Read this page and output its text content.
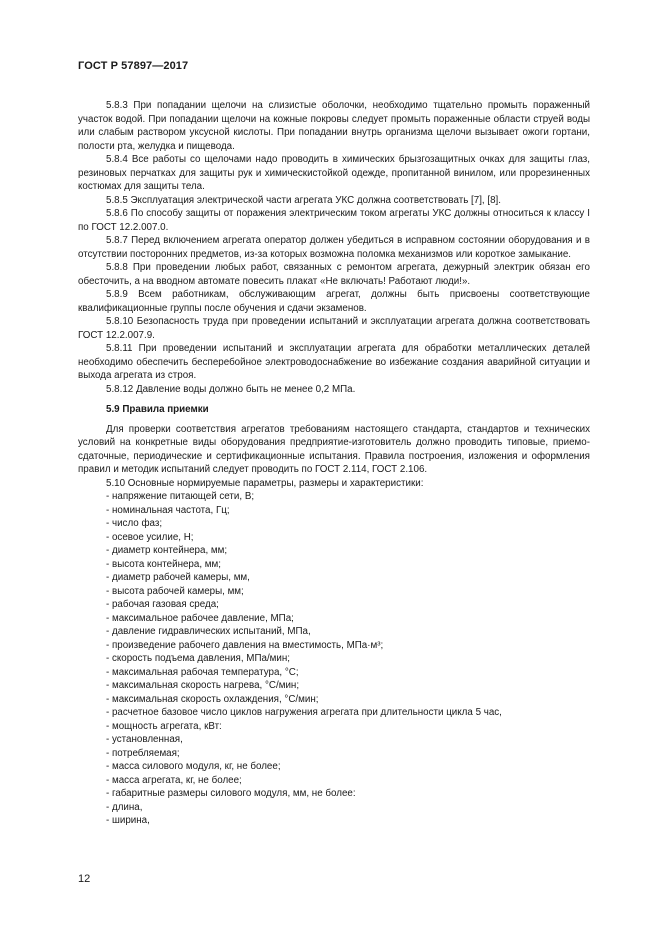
ГОСТ Р 57897—2017

5.8.3 При попадании щелочи на слизистые оболочки, необходимо тщательно промыть пораженный участок водой. При попадании щелочи на кожные покровы следует промыть пораженные области струей воды или слабым раствором уксусной кислоты. При попадании внутрь организма щелочи вызывает ожоги гортани, полости рта, желудка и пищевода.

5.8.4 Все работы со щелочами надо проводить в химических брызгозащитных очках для защиты глаз, резиновых перчатках для защиты рук и химическистойкой одежде, пропитанной винилом, или прорезиненных костюмах для защиты тела.

5.8.5 Эксплуатация электрической части агрегата УКС должна соответствовать [7], [8].

5.8.6 По способу защиты от поражения электрическим током агрегаты УКС должны относиться к классу I по ГОСТ 12.2.007.0.

5.8.7 Перед включением агрегата оператор должен убедиться в исправном состоянии оборудования и в отсутствии посторонних предметов, из-за которых возможна поломка механизмов или короткое замыкание.

5.8.8 При проведении любых работ, связанных с ремонтом агрегата, дежурный электрик обязан его обесточить, а на вводном автомате повесить плакат «Не включать! Работают люди!».

5.8.9 Всем работникам, обслуживающим агрегат, должны быть присвоены соответствующие квалификационные группы после обучения и сдачи экзаменов.

5.8.10 Безопасность труда при проведении испытаний и эксплуатации агрегата должна соответствовать ГОСТ 12.2.007.9.

5.8.11 При проведении испытаний и эксплуатации агрегата для обработки металлических деталей необходимо обеспечить бесперебойное электроводоснабжение во избежание создания аварийной ситуации и выхода агрегата из строя.

5.8.12 Давление воды должно быть не менее 0,2 МПа.

5.9 Правила приемки

Для проверки соответствия агрегатов требованиям настоящего стандарта, стандартов и технических условий на конкретные виды оборудования предприятие-изготовитель должно проводить типовые, приемо-сдаточные, периодические и сертификационные испытания. Правила построения, изложения и оформления правил и методик испытаний следует проводить по ГОСТ 2.114, ГОСТ 2.106.

5.10 Основные нормируемые параметры, размеры и характеристики:

- напряжение питающей сети, В;

- номинальная частота, Гц;

- число фаз;

- осевое усилие, Н;

- диаметр контейнера, мм;

- высота контейнера, мм;

- диаметр рабочей камеры, мм,

- высота рабочей камеры, мм;

- рабочая газовая среда;

- максимальное рабочее давление, МПа;

- давление гидравлических испытаний, МПа,

- произведение рабочего давления на вместимость, МПа·м³;

- скорость подъема давления, МПа/мин;

- максимальная рабочая температура, °С;

- максимальная скорость нагрева, °С/мин;

- максимальная скорость охлаждения, °С/мин;

- расчетное базовое число циклов нагружения агрегата при длительности цикла 5 час,

- мощность агрегата, кВт:

- установленная,

- потребляемая;

- масса силового модуля, кг, не более;

- масса агрегата, кг, не более;

- габаритные размеры силового модуля, мм, не более:

- длина,

- ширина,

12
